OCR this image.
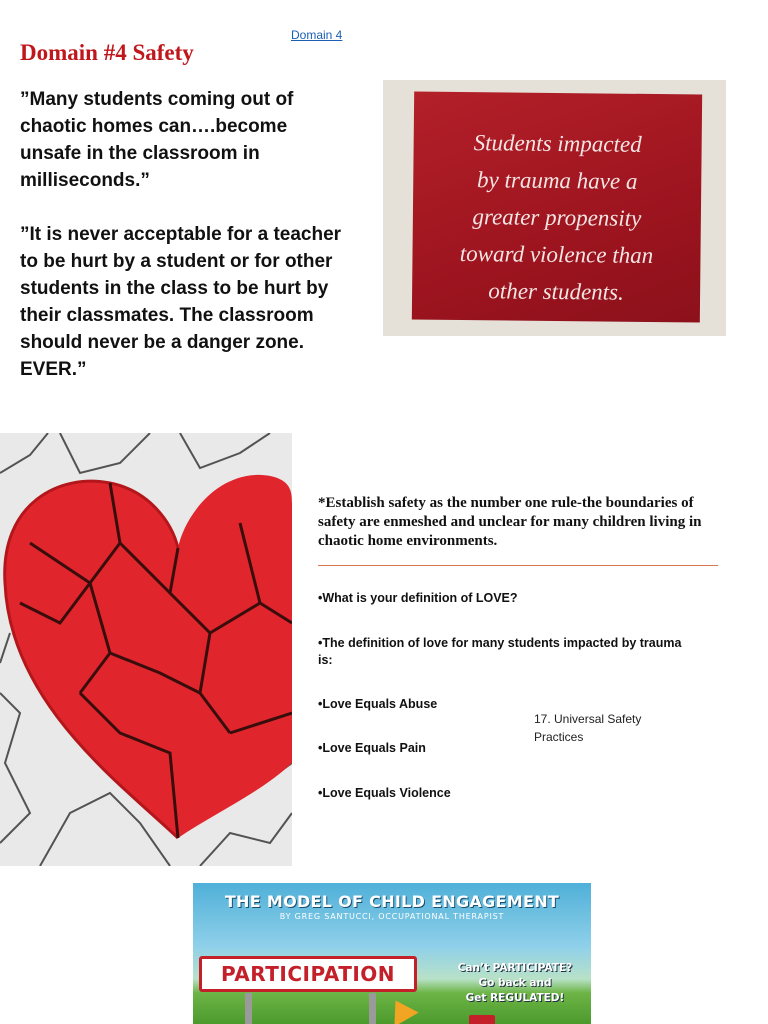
Domain 4
Domain #4 Safety
”Many students coming out of chaotic homes can….become unsafe in the classroom in milliseconds.”
”It is never acceptable for a teacher to be hurt by a student or for other students in the class to be hurt by their classmates. The classroom should never be a danger zone. EVER.”
Students impacted
by trauma have a
greater propensity
toward violence than
other students.
*Establish safety as the number one rule-the boundaries of safety are enmeshed and unclear for many children living in chaotic home environments.
•What is your definition of LOVE?
•The definition of love for many students impacted by trauma is:
•Love Equals Abuse
•Love Equals Pain
•Love Equals Violence
17. Universal Safety Practices
THE MODEL OF CHILD ENGAGEMENT
BY GREG SANTUCCI, OCCUPATIONAL THERAPIST
PARTICIPATION	Can’t PARTICIPATE?
Go back and
Get REGULATED!
